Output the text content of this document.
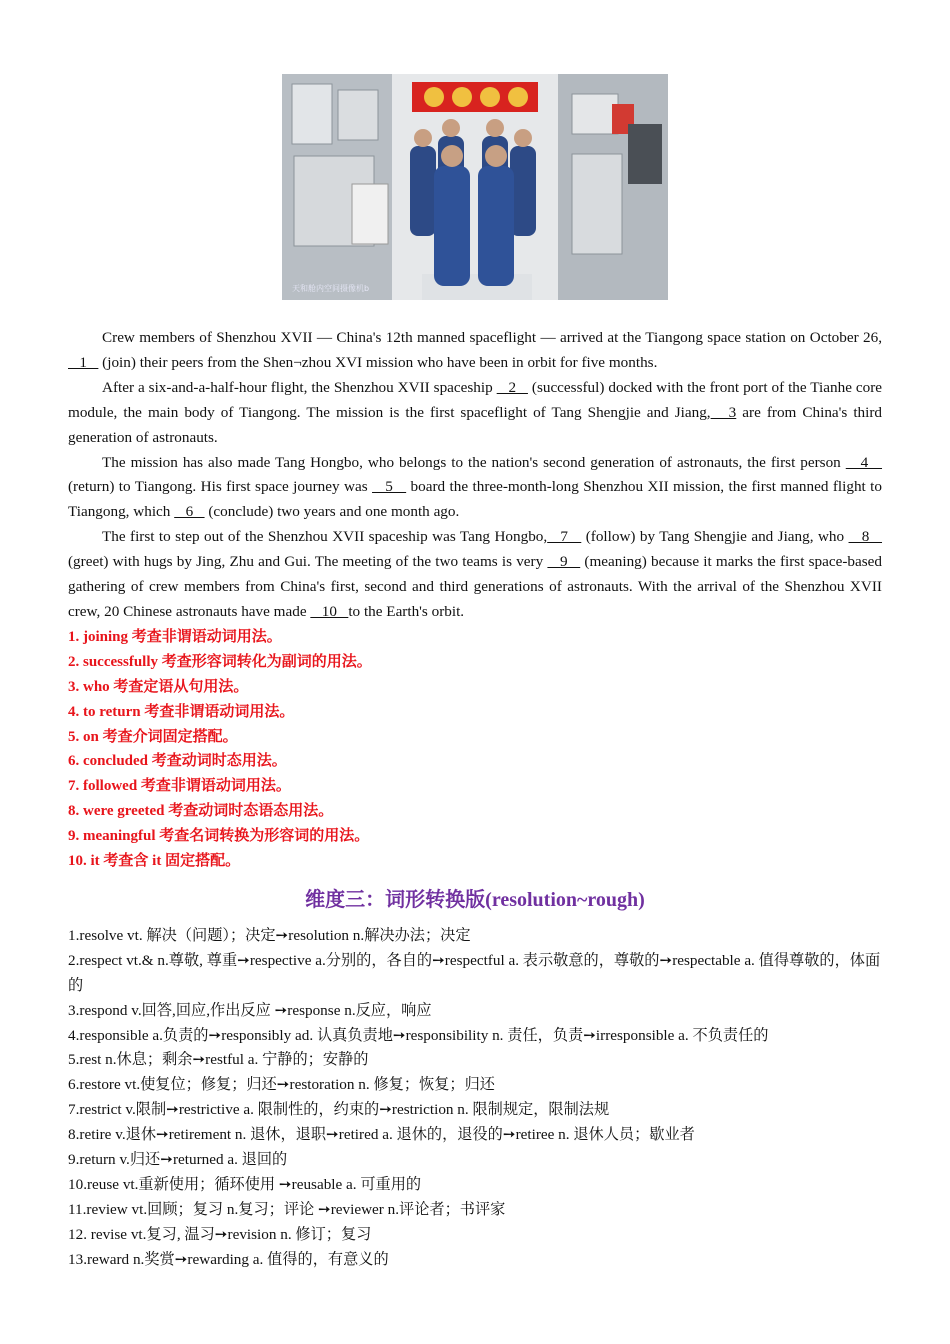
天和舱内空间摄像机b

Crew members of Shenzhou XVII — China's 12th manned spaceflight — arrived at the Tiangong space station on October 26,    1    (join) their peers from the Shen¬zhou XVI mission who have been in orbit for five months.

After a six-and-a-half-hour flight, the Shenzhou XVII spaceship    2    (successful) docked with the front port of the Tianhe core module, the main body of Tiangong. The mission is the first spaceflight of Tang Shengjie and Jiang,   3 are from China's third generation of astronauts.

The mission has also made Tang Hongbo, who belongs to the nation's second generation of astronauts, the first person    4    (return) to Tiangong. His first space journey was    5    board the three-month-long Shenzhou XII mission, the first manned flight to Tiangong, which    6    (conclude) two years and one month ago.

The first to step out of the Shenzhou XVII spaceship was Tang Hongbo,   7    (follow) by Tang Shengjie and Jiang, who    8    (greet) with hugs by Jing, Zhu and Gui. The meeting of the two teams is very    9    (meaning) because it marks the first space-based gathering of crew members from China's first, second and third generations of astronauts. With the arrival of the Shenzhou XVII crew, 20 Chinese astronauts have made    10   to the Earth's orbit.

1. joining 考查非谓语动词用法。
2. successfully 考查形容词转化为副词的用法。
3. who 考查定语从句用法。
4. to return 考查非谓语动词用法。
5. on 考查介词固定搭配。
6. concluded 考查动词时态用法。
7. followed 考查非谓语动词用法。
8. were greeted 考查动词时态语态用法。
9. meaningful 考查名词转换为形容词的用法。
10. it 考查含 it 固定搭配。
维度三：词形转换版(resolution~rough)
1.resolve vt. 解决（问题）；决定➙resolution n.解决办法；决定
2.respect vt.& n.尊敬, 尊重➙respective a.分别的，各自的➙respectful a. 表示敬意的，尊敬的➙respectable a. 值得尊敬的，体面的
3.respond v.回答,回应,作出反应 ➙response n.反应，响应
4.responsible a.负责的➙responsibly ad. 认真负责地➙responsibility n. 责任，负责➙irresponsible a. 不负责任的
5.rest n.休息；剩余➙restful a. 宁静的；安静的
6.restore vt.使复位；修复；归还➙restoration n. 修复；恢复；归还
7.restrict v.限制➙restrictive a. 限制性的，约束的➙restriction n. 限制规定，限制法规
8.retire v.退休➙retirement n. 退休，退职➙retired a. 退休的，退役的➙retiree n. 退休人员；歇业者
9.return v.归还➙returned a. 退回的
10.reuse vt.重新使用；循环使用 ➙reusable a. 可重用的
11.review vt.回顾；复习 n.复习；评论 ➙reviewer n.评论者；书评家
12. revise vt.复习, 温习➙revision n. 修订；复习
13.reward n.奖赏➙rewarding a. 值得的，有意义的
